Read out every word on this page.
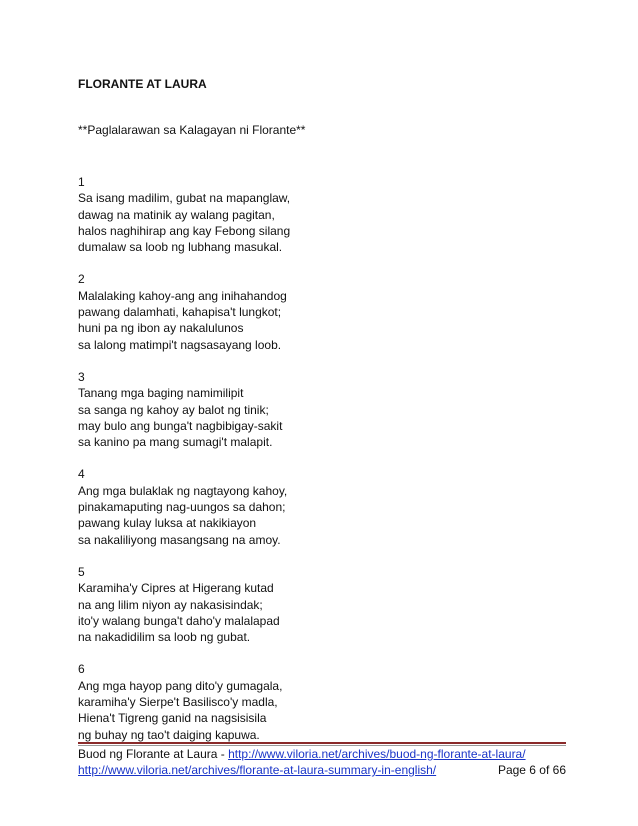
FLORANTE AT LAURA
**Paglalarawan sa Kalagayan ni Florante**
1
Sa isang madilim, gubat na mapanglaw,
dawag na matinik ay walang pagitan,
halos naghihirap ang kay Febong silang
dumalaw sa loob ng lubhang masukal.
2
Malalaking kahoy-ang ang inihahandog
pawang dalamhati, kahapisa't lungkot;
huni pa ng ibon ay nakalulunos
sa lalong matimpi't nagsasayang loob.
3
Tanang mga baging namimilipit
sa sanga ng kahoy ay balot ng tinik;
may bulo ang bunga't nagbibigay-sakit
sa kanino pa mang sumagi't malapit.
4
Ang mga bulaklak ng nagtayong kahoy,
pinakamaputing nag-uungos sa dahon;
pawang kulay luksa at nakikiayon
sa nakaliliyong masangsang na amoy.
5
Karamiha'y Cipres at Higerang kutad
na ang lilim niyon ay nakasisindak;
ito'y walang bunga't daho'y malalapad
na nakadidilim sa loob ng gubat.
6
Ang mga hayop pang dito'y gumagala,
karamiha'y Sierpe't Basilisco'y madla,
Hiena't Tigreng ganid na nagsisisila
ng buhay ng tao't daiging kapuwa.
Buod ng Florante at Laura - http://www.viloria.net/archives/buod-ng-florante-at-laura/
http://www.viloria.net/archives/florante-at-laura-summary-in-english/	Page 6 of 66
